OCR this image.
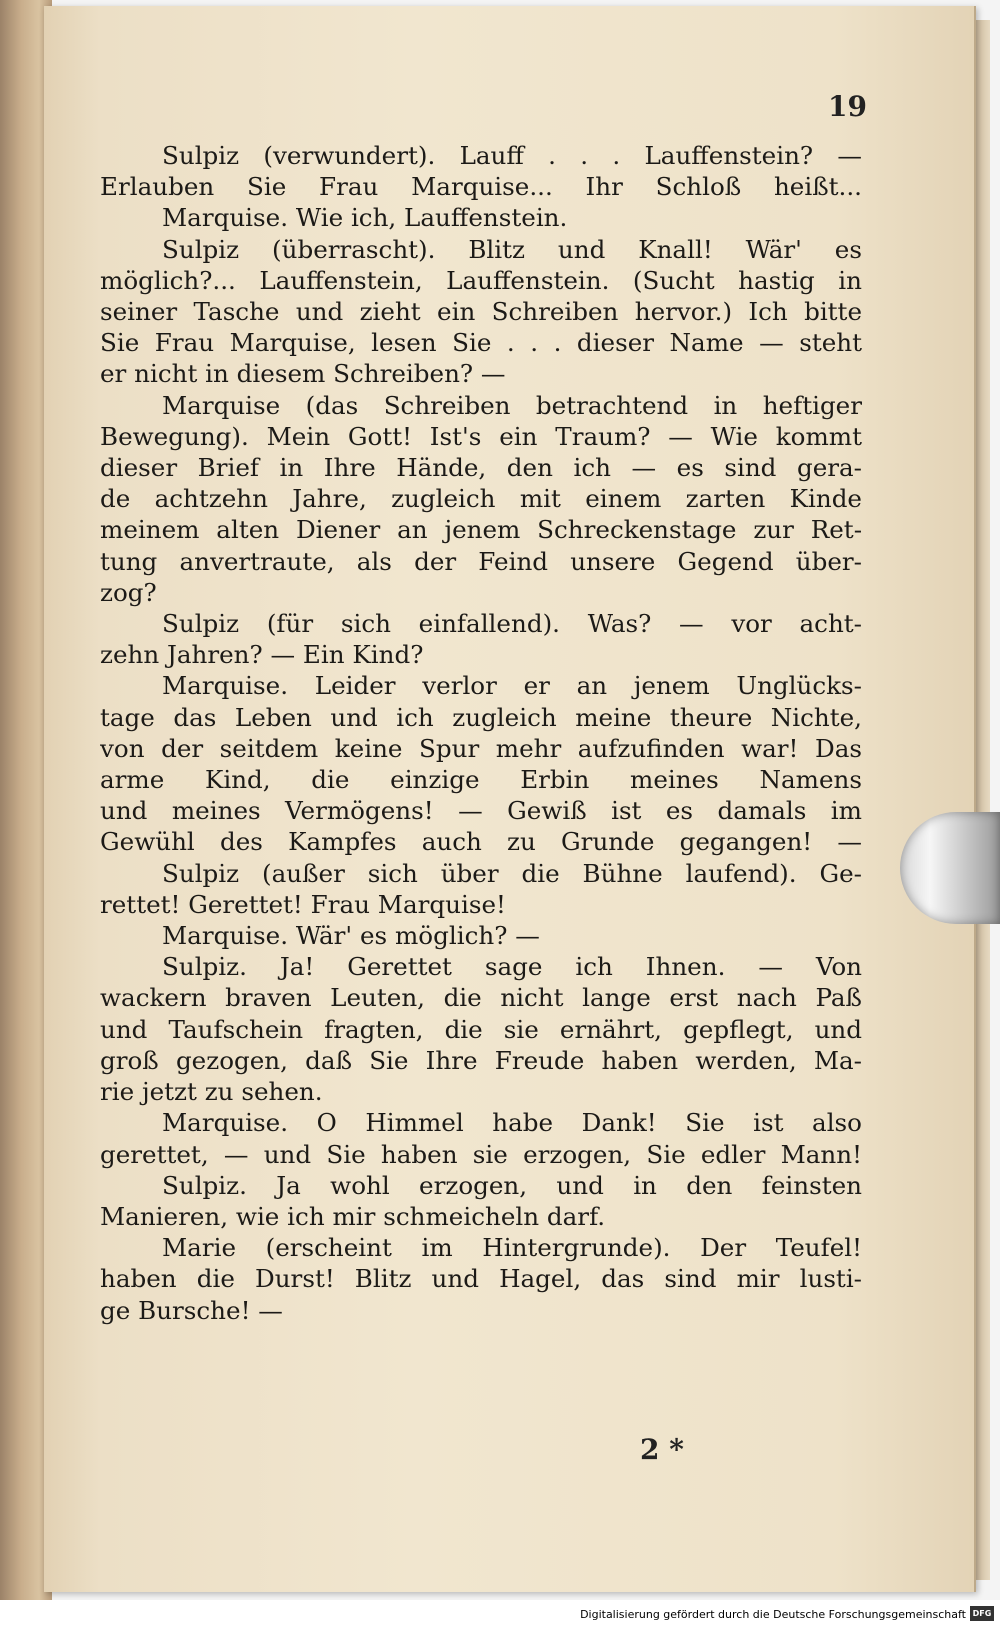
19
Sulpiz (verwundert). Lauff . . . Lauffenstein? —
Erlauben Sie Frau Marquise... Ihr Schloß heißt...
Marquise. Wie ich, Lauffenstein.
Sulpiz (überrascht). Blitz und Knall! Wär' es
möglich?... Lauffenstein, Lauffenstein. (Sucht hastig in
seiner Tasche und zieht ein Schreiben hervor.) Ich bitte
Sie Frau Marquise, lesen Sie . . . dieser Name — steht
er nicht in diesem Schreiben? —
Marquise (das Schreiben betrachtend in heftiger
Bewegung). Mein Gott! Ist's ein Traum? — Wie kommt
dieser Brief in Ihre Hände, den ich — es sind gera-
de achtzehn Jahre, zugleich mit einem zarten Kinde
meinem alten Diener an jenem Schreckenstage zur Ret-
tung anvertraute, als der Feind unsere Gegend über-
zog?
Sulpiz (für sich einfallend). Was? — vor acht-
zehn Jahren? — Ein Kind?
Marquise. Leider verlor er an jenem Unglücks-
tage das Leben und ich zugleich meine theure Nichte,
von der seitdem keine Spur mehr aufzufinden war! Das
arme Kind, die einzige Erbin meines Namens
und meines Vermögens! — Gewiß ist es damals im
Gewühl des Kampfes auch zu Grunde gegangen! —
Sulpiz (außer sich über die Bühne laufend). Ge-
rettet! Gerettet! Frau Marquise!
Marquise. Wär' es möglich? —
Sulpiz. Ja! Gerettet sage ich Ihnen. — Von
wackern braven Leuten, die nicht lange erst nach Paß
und Taufschein fragten, die sie ernährt, gepflegt, und
groß gezogen, daß Sie Ihre Freude haben werden, Ma-
rie jetzt zu sehen.
Marquise. O Himmel habe Dank! Sie ist also
gerettet, — und Sie haben sie erzogen, Sie edler Mann!
Sulpiz. Ja wohl erzogen, und in den feinsten
Manieren, wie ich mir schmeicheln darf.
Marie (erscheint im Hintergrunde). Der Teufel!
haben die Durst! Blitz und Hagel, das sind mir lusti-
ge Bursche! —
2 *
Digitalisierung gefördert durch die Deutsche Forschungsgemeinschaft DFG
